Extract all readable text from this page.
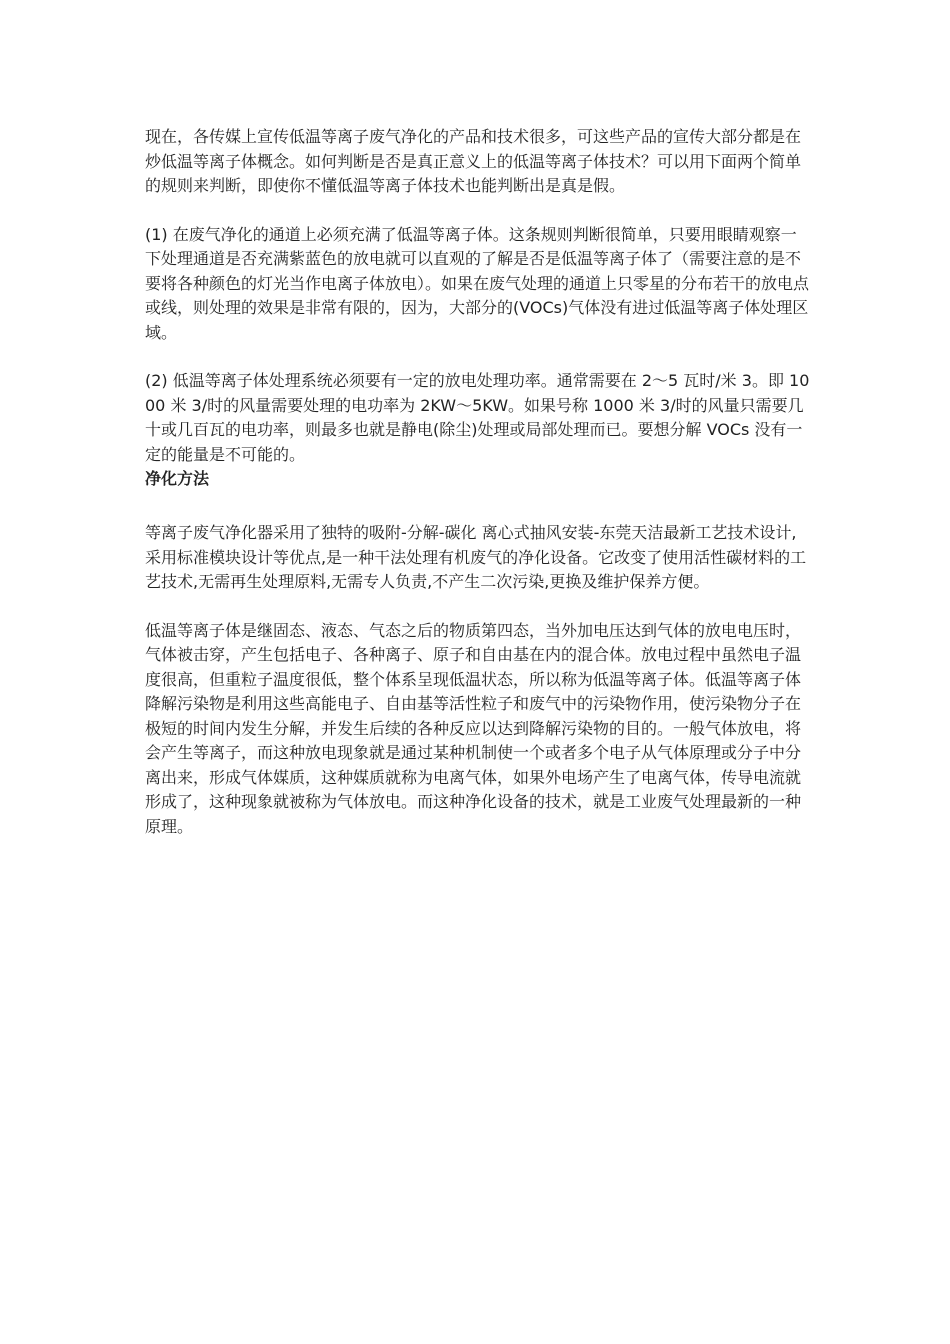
现在，各传媒上宣传低温等离子废气净化的产品和技术很多，可这些产品的宣传大部分都是在炒低温等离子体概念。如何判断是否是真正意义上的低温等离子体技术？可以用下面两个简单的规则来判断，即使你不懂低温等离子体技术也能判断出是真是假。

(1) 在废气净化的通道上必须充满了低温等离子体。这条规则判断很简单，只要用眼睛观察一下处理通道是否充满紫蓝色的放电就可以直观的了解是否是低温等离子体了（需要注意的是不要将各种颜色的灯光当作电离子体放电）。如果在废气处理的通道上只零星的分布若干的放电点或线，则处理的效果是非常有限的，因为，大部分的(VOCs)气体没有进过低温等离子体处理区域。

(2) 低温等离子体处理系统必须要有一定的放电处理功率。通常需要在 2～5 瓦时/米 3。即 1000 米 3/时的风量需要处理的电功率为 2KW～5KW。如果号称 1000 米 3/时的风量只需要几十或几百瓦的电功率，则最多也就是静电(除尘)处理或局部处理而已。要想分解 VOCs 没有一定的能量是不可能的。

净化方法

等离子废气净化器采用了独特的吸附-分解-碳化 离心式抽风安装-东莞天洁最新工艺技术设计,采用标准模块设计等优点,是一种干法处理有机废气的净化设备。它改变了使用活性碳材料的工艺技术,无需再生处理原料,无需专人负责,不产生二次污染,更换及维护保养方便。

低温等离子体是继固态、液态、气态之后的物质第四态，当外加电压达到气体的放电电压时，气体被击穿，产生包括电子、各种离子、原子和自由基在内的混合体。放电过程中虽然电子温度很高，但重粒子温度很低，整个体系呈现低温状态，所以称为低温等离子体。低温等离子体降解污染物是利用这些高能电子、自由基等活性粒子和废气中的污染物作用，使污染物分子在极短的时间内发生分解，并发生后续的各种反应以达到降解污染物的目的。一般气体放电，将会产生等离子，而这种放电现象就是通过某种机制使一个或者多个电子从气体原理或分子中分离出来，形成气体媒质，这种媒质就称为电离气体，如果外电场产生了电离气体，传导电流就形成了，这种现象就被称为气体放电。而这种净化设备的技术，就是工业废气处理最新的一种原理。
